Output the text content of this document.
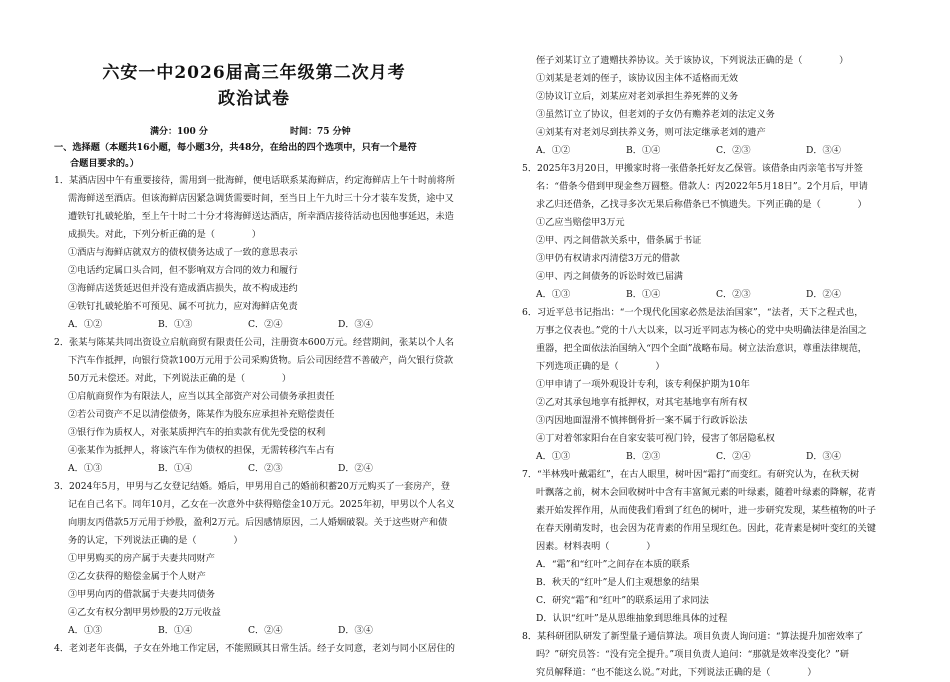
六安一中2026届高三年级第二次月考
政治试卷
满分：100 分	时间：75 分钟
一、选择题（本题共16小题，每小题3分，共48分，在给出的四个选项中，只有一个是符
合题目要求的。）
1．某酒店因中午有重要接待，需用到一批海鲜，便电话联系某海鲜店，约定海鲜店上午十时前将所
需海鲜送至酒店。但该海鲜店因紧急调货需要时间，至当日上午九时三十分才装车发货，途中又
遭铁钉扎破轮胎，至上午十时二十分才将海鲜送达酒店，所幸酒店接待活动也因他事延迟，未造
成损失。对此，下列分析正确的是（　　　　）
①酒店与海鲜店就双方的债权债务达成了一致的意思表示
②电话约定属口头合同，但不影响双方合同的效力和履行
③海鲜店送货延迟但并没有造成酒店损失，故不构成违约
④铁钉扎破轮胎不可预见、属不可抗力，应对海鲜店免责
A．①②	B．①③	C．②④	D．③④
2．张某与陈某共同出资设立启航商贸有限责任公司，注册资本600万元。经营期间，张某以个人名
下汽车作抵押，向银行贷款100万元用于公司采购货物。后公司因经营不善破产，尚欠银行贷款
50万元未偿还。对此，下列说法正确的是（　　　　）
①启航商贸作为有限法人，应当以其全部资产对公司债务承担责任
②若公司资产不足以清偿债务，陈某作为股东应承担补充赔偿责任
③银行作为质权人，对张某质押汽车的拍卖款有优先受偿的权利
④张某作为抵押人，将该汽车作为债权的担保，无需转移汽车占有
A．①③	B．①④	C．②③	D．②④
3．2024年5月，甲男与乙女登记结婚。婚后，甲男用自己的婚前积蓄20万元购买了一套房产，登
记在自己名下。同年10月，乙女在一次意外中获得赔偿金10万元。2025年初，甲男以个人名义
向朋友丙借款5万元用于炒股，盈利2万元。后因感情原因，二人婚姻破裂。关于这些财产和债
务的认定，下列说法正确的是（　　　　）
①甲男购买的房产属于夫妻共同财产
②乙女获得的赔偿金属于个人财产
③甲男向丙的借款属于夫妻共同债务
④乙女有权分割甲男炒股的2万元收益
A．①③	B．①④	C．②④	D．③④
4．老刘老年丧偶，子女在外地工作定居，不能照顾其日常生活。经子女同意，老刘与同小区居住的
侄子刘某订立了遗赠扶养协议。关于该协议，下列说法正确的是（　　　　）
①刘某是老刘的侄子，该协议因主体不适格而无效
②协议订立后，刘某应对老刘承担生养死葬的义务
③虽然订立了协议，但老刘的子女仍有赡养老刘的法定义务
④刘某有对老刘尽到扶养义务，则可法定继承老刘的遗产
A．①②	B．①④	C．②③	D．③④
5．2025年3月20日，甲搬家时将一张借条托好友乙保管。该借条由丙亲笔书写并签
名：“借条今借到甲现金叁万圆整。借款人：丙2022年5月18日”。2个月后，甲请
求乙归还借条，乙找寻多次无果后称借条已不慎遗失。下列正确的是（　　　　）
①乙应当赔偿甲3万元
②甲、丙之间借款关系中，借条属于书证
③甲仍有权请求丙清偿3万元的借款
④甲、丙之间债务的诉讼时效已届满
A．①③	B．①④	C．②③	D．②④
6．习近平总书记指出：“一个现代化国家必然是法治国家”，“法者，天下之程式也，
万事之仪表也。”党的十八大以来，以习近平同志为核心的党中央明确法律是治国之
重器，把全面依法治国纳入“四个全面”战略布局。树立法治意识，尊重法律规范，
下列选项正确的是（　　　　）
①甲申请了一项外观设计专利，该专利保护期为10年
②乙对其承包地享有抵押权，对其宅基地享有所有权
③丙因地面湿滑不慎摔倒骨折一案不属于行政诉讼法
④丁对着邻家阳台在自家安装可视门铃，侵害了邻居隐私权
A．①③	B．②③	C．②④	D．③④
7．“半林残叶戴霜红”，在古人眼里，树叶因“霜打”而变红。有研究认为，在秋天树
叶飘落之前，树木会回收树叶中含有丰富氮元素的叶绿素，随着叶绿素的降解，花青
素开始发挥作用，从而使我们看到了红色的树叶，进一步研究发现，某些植物的叶子
在春天刚萌发时，也会因为花青素的作用呈现红色。因此，花青素是树叶变红的关键
因素。材料表明（　　　　）
A．“霜”和“红叶”之间存在本质的联系
B．秋天的“红叶”是人们主观想象的结果
C．研究“霜”和“红叶”的联系运用了求同法
D．认识“红叶”是从思维抽象到思维具体的过程
8．某科研团队研发了新型量子通信算法。项目负责人询问道：“算法提升加密效率了
吗？”研究员答：“没有完全提升。”项目负责人追问：“那就是效率没变化？”研
究员解释道：“也不能这么说。”对此，下列说法正确的是（　　　　）
